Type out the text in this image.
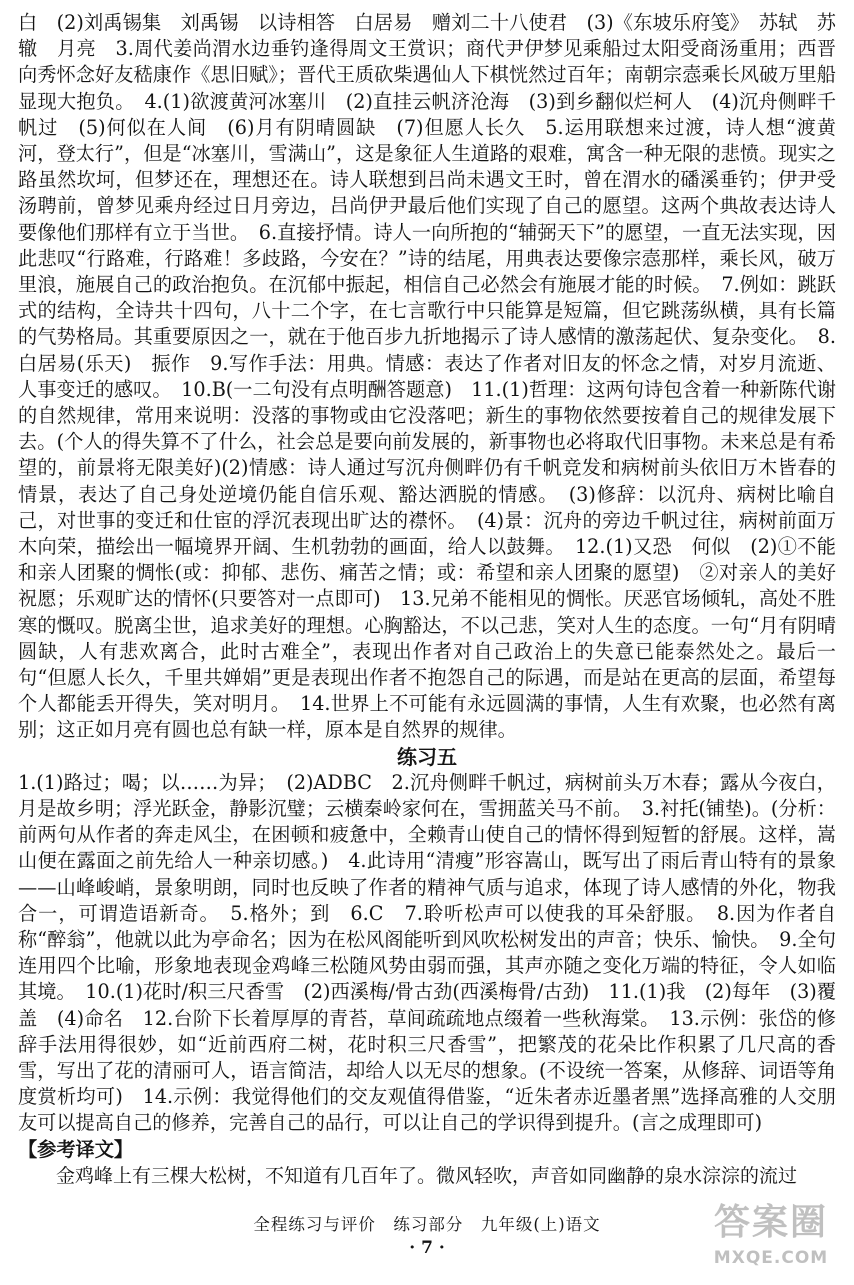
白　(2)刘禹锡集　刘禹锡　以诗相答　白居易　赠刘二十八使君　(3)《东坡乐府笺》　苏轼　苏辙　月亮　3.周代姜尚渭水边垂钓逢得周文王赏识；商代尹伊梦见乘船过太阳受商汤重用；西晋向秀怀念好友嵇康作《思旧赋》；晋代王质砍柴遇仙人下棋恍然过百年；南朝宗悫乘长风破万里船显现大抱负。　4.(1)欲渡黄河冰塞川　(2)直挂云帆济沧海　(3)到乡翻似烂柯人　(4)沉舟侧畔千帆过　(5)何似在人间　(6)月有阴晴圆缺　(7)但愿人长久　5.运用联想来过渡，诗人想“渡黄河，登太行”，但是“冰塞川，雪满山”，这是象征人生道路的艰难，寓含一种无限的悲愤。现实之路虽然坎坷，但梦还在，理想还在。诗人联想到吕尚未遇文王时，曾在渭水的磻溪垂钓；伊尹受汤聘前，曾梦见乘舟经过日月旁边，吕尚伊尹最后他们实现了自己的愿望。这两个典故表达诗人要像他们那样有立于当世。　6.直接抒情。诗人一向所抱的“辅弼天下”的愿望，一直无法实现，因此悲叹“行路难，行路难！多歧路，今安在？”诗的结尾，用典表达要像宗悫那样，乘长风，破万里浪，施展自己的政治抱负。在沉郁中振起，相信自己必然会有施展才能的时候。　7.例如：跳跃式的结构，全诗共十四句，八十二个字，在七言歌行中只能算是短篇，但它跳荡纵横，具有长篇的气势格局。其重要原因之一，就在于他百步九折地揭示了诗人感情的激荡起伏、复杂变化。　8.白居易(乐天)　振作　9.写作手法：用典。情感：表达了作者对旧友的怀念之情，对岁月流逝、人事变迁的感叹。　10.B(一二句没有点明酬答题意)　11.(1)哲理：这两句诗包含着一种新陈代谢的自然规律，常用来说明：没落的事物或由它没落吧；新生的事物依然要按着自己的规律发展下去。(个人的得失算不了什么，社会总是要向前发展的，新事物也必将取代旧事物。未来总是有希望的，前景将无限美好)(2)情感：诗人通过写沉舟侧畔仍有千帆竞发和病树前头依旧万木皆春的情景，表达了自己身处逆境仍能自信乐观、豁达洒脱的情感。　(3)修辞：以沉舟、病树比喻自己，对世事的变迁和仕宦的浮沉表现出旷达的襟怀。　(4)景：沉舟的旁边千帆过往，病树前面万木向荣，描绘出一幅境界开阔、生机勃勃的画面，给人以鼓舞。　12.(1)又恐　何似　(2)①不能和亲人团聚的惆怅(或：抑郁、悲伤、痛苦之情；或：希望和亲人团聚的愿望)　②对亲人的美好祝愿；乐观旷达的情怀(只要答对一点即可)　13.兄弟不能相见的惆怅。厌恶官场倾轧，高处不胜寒的慨叹。脱离尘世，追求美好的理想。心胸豁达，不以己悲，笑对人生的态度。一句“月有阴晴圆缺，人有悲欢离合，此时古难全”，表现出作者对自己政治上的失意已能泰然处之。最后一句“但愿人长久，千里共婵娟”更是表现出作者不抱怨自己的际遇，而是站在更高的层面，希望每个人都能丢开得失，笑对明月。　14.世界上不可能有永远圆满的事情，人生有欢聚，也必然有离别；这正如月亮有圆也总有缺一样，原本是自然界的规律。

练习五

1.(1)路过；喝；以……为异；　(2)ADBC　2.沉舟侧畔千帆过，病树前头万木春；露从今夜白，月是故乡明；浮光跃金，静影沉璧；云横秦岭家何在，雪拥蓝关马不前。　3.衬托(铺垫)。(分析：前两句从作者的奔走风尘，在困顿和疲惫中，全赖青山使自己的情怀得到短暂的舒展。这样，嵩山便在露面之前先给人一种亲切感。)　4.此诗用“清瘦”形容嵩山，既写出了雨后青山特有的景象——山峰峻峭，景象明朗，同时也反映了作者的精神气质与追求，体现了诗人感情的外化，物我合一，可谓造语新奇。　5.格外；到　6.C　7.聆听松声可以使我的耳朵舒服。　8.因为作者自称“醉翁”，他就以此为亭命名；因为在松风阁能听到风吹松树发出的声音；快乐、愉快。　9.全句连用四个比喻，形象地表现金鸡峰三松随风势由弱而强，其声亦随之变化万端的特征，令人如临其境。　10.(1)花时/积三尺香雪　(2)西溪梅/骨古劲(西溪梅骨/古劲)　11.(1)我　(2)每年　(3)覆盖　(4)命名　12.台阶下长着厚厚的青苔，草间疏疏地点缀着一些秋海棠。　13.示例：张岱的修辞手法用得很妙，如“近前西府二树，花时积三尺香雪”，把繁茂的花朵比作积累了几尺高的香雪，写出了花的清丽可人，语言简洁，却给人以无尽的想象。(不设统一答案，从修辞、词语等角度赏析均可)　14.示例：我觉得他们的交友观值得借鉴，“近朱者赤近墨者黑”选择高雅的人交朋友可以提高自己的修养，完善自己的品行，可以让自己的学识得到提升。(言之成理即可)

【参考译文】

金鸡峰上有三棵大松树，不知道有几百年了。微风轻吹，声音如同幽静的泉水淙淙的流过

全程练习与评价　练习部分　九年级(上)语文
· 7 ·
答案圈
MXQE.COM
